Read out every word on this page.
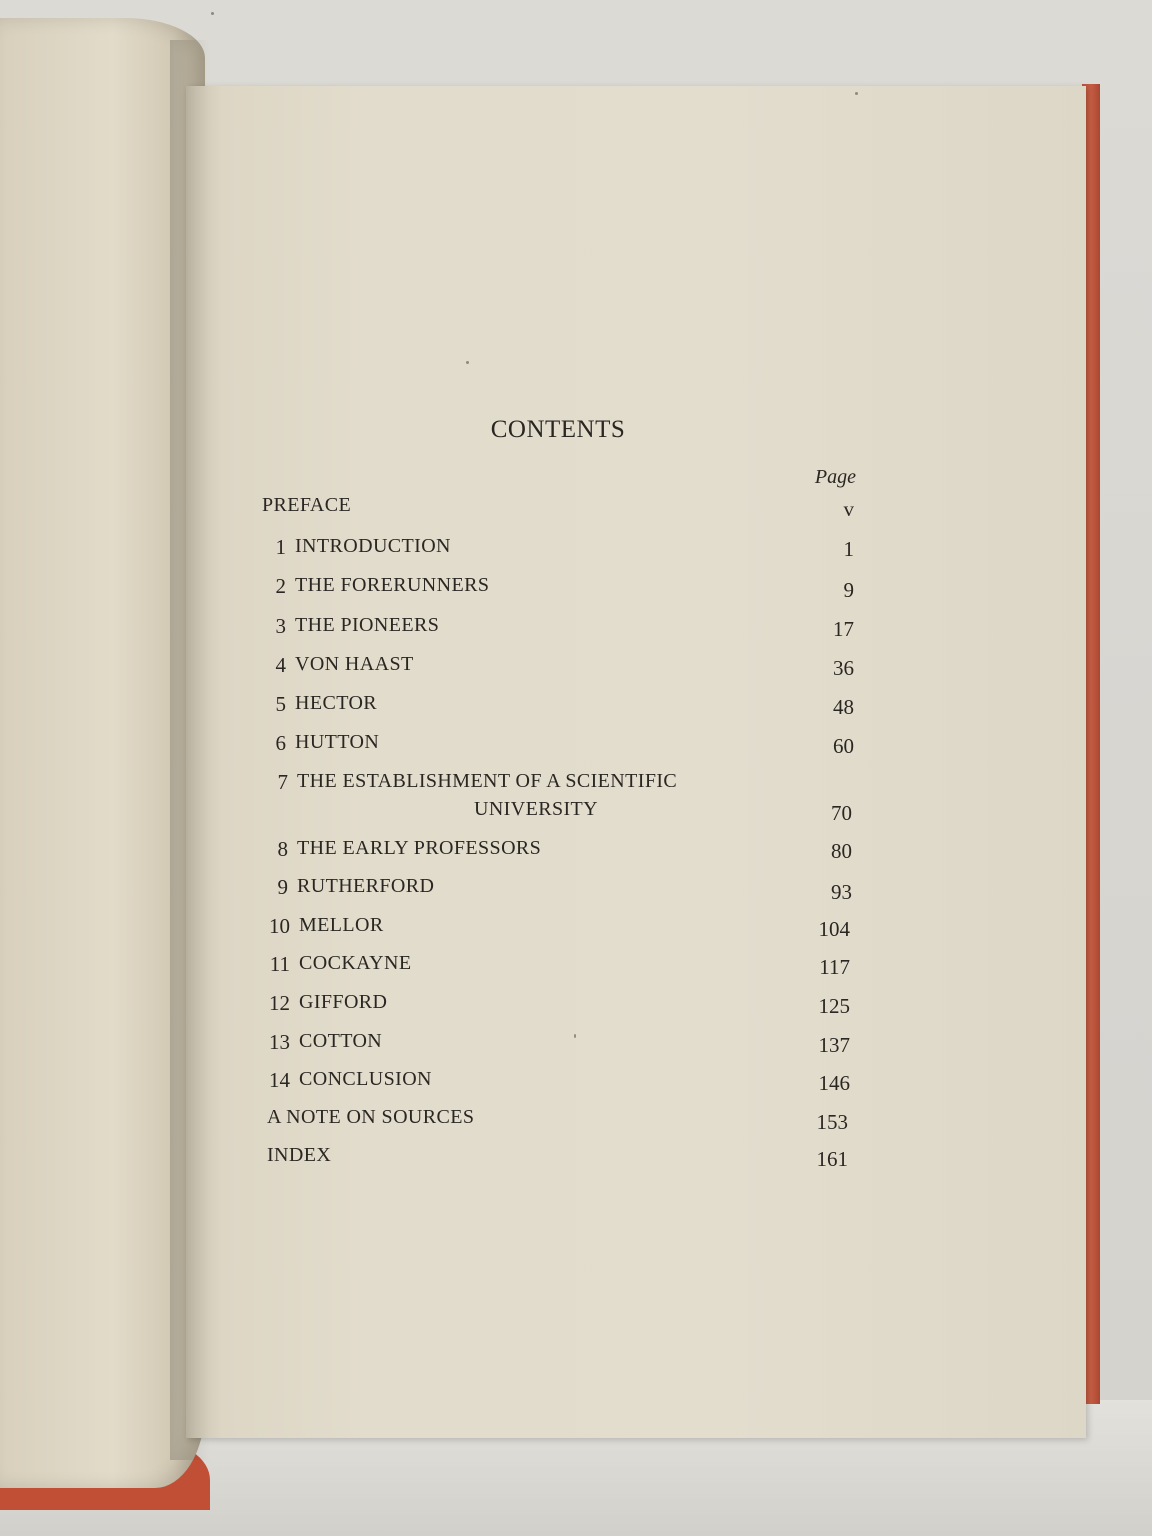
CONTENTS
Page
PREFACE	v
1 INTRODUCTION	1
2 THE FORERUNNERS	9
3 THE PIONEERS	17
4 VON HAAST	36
5 HECTOR	48
6 HUTTON	60
7 THE ESTABLISHMENT OF A SCIENTIFIC
UNIVERSITY	70
8 THE EARLY PROFESSORS	80
9 RUTHERFORD	93
10 MELLOR	104
11 COCKAYNE	117
12 GIFFORD	125
13 COTTON	137
14 CONCLUSION	146
A NOTE ON SOURCES	153
INDEX	161
